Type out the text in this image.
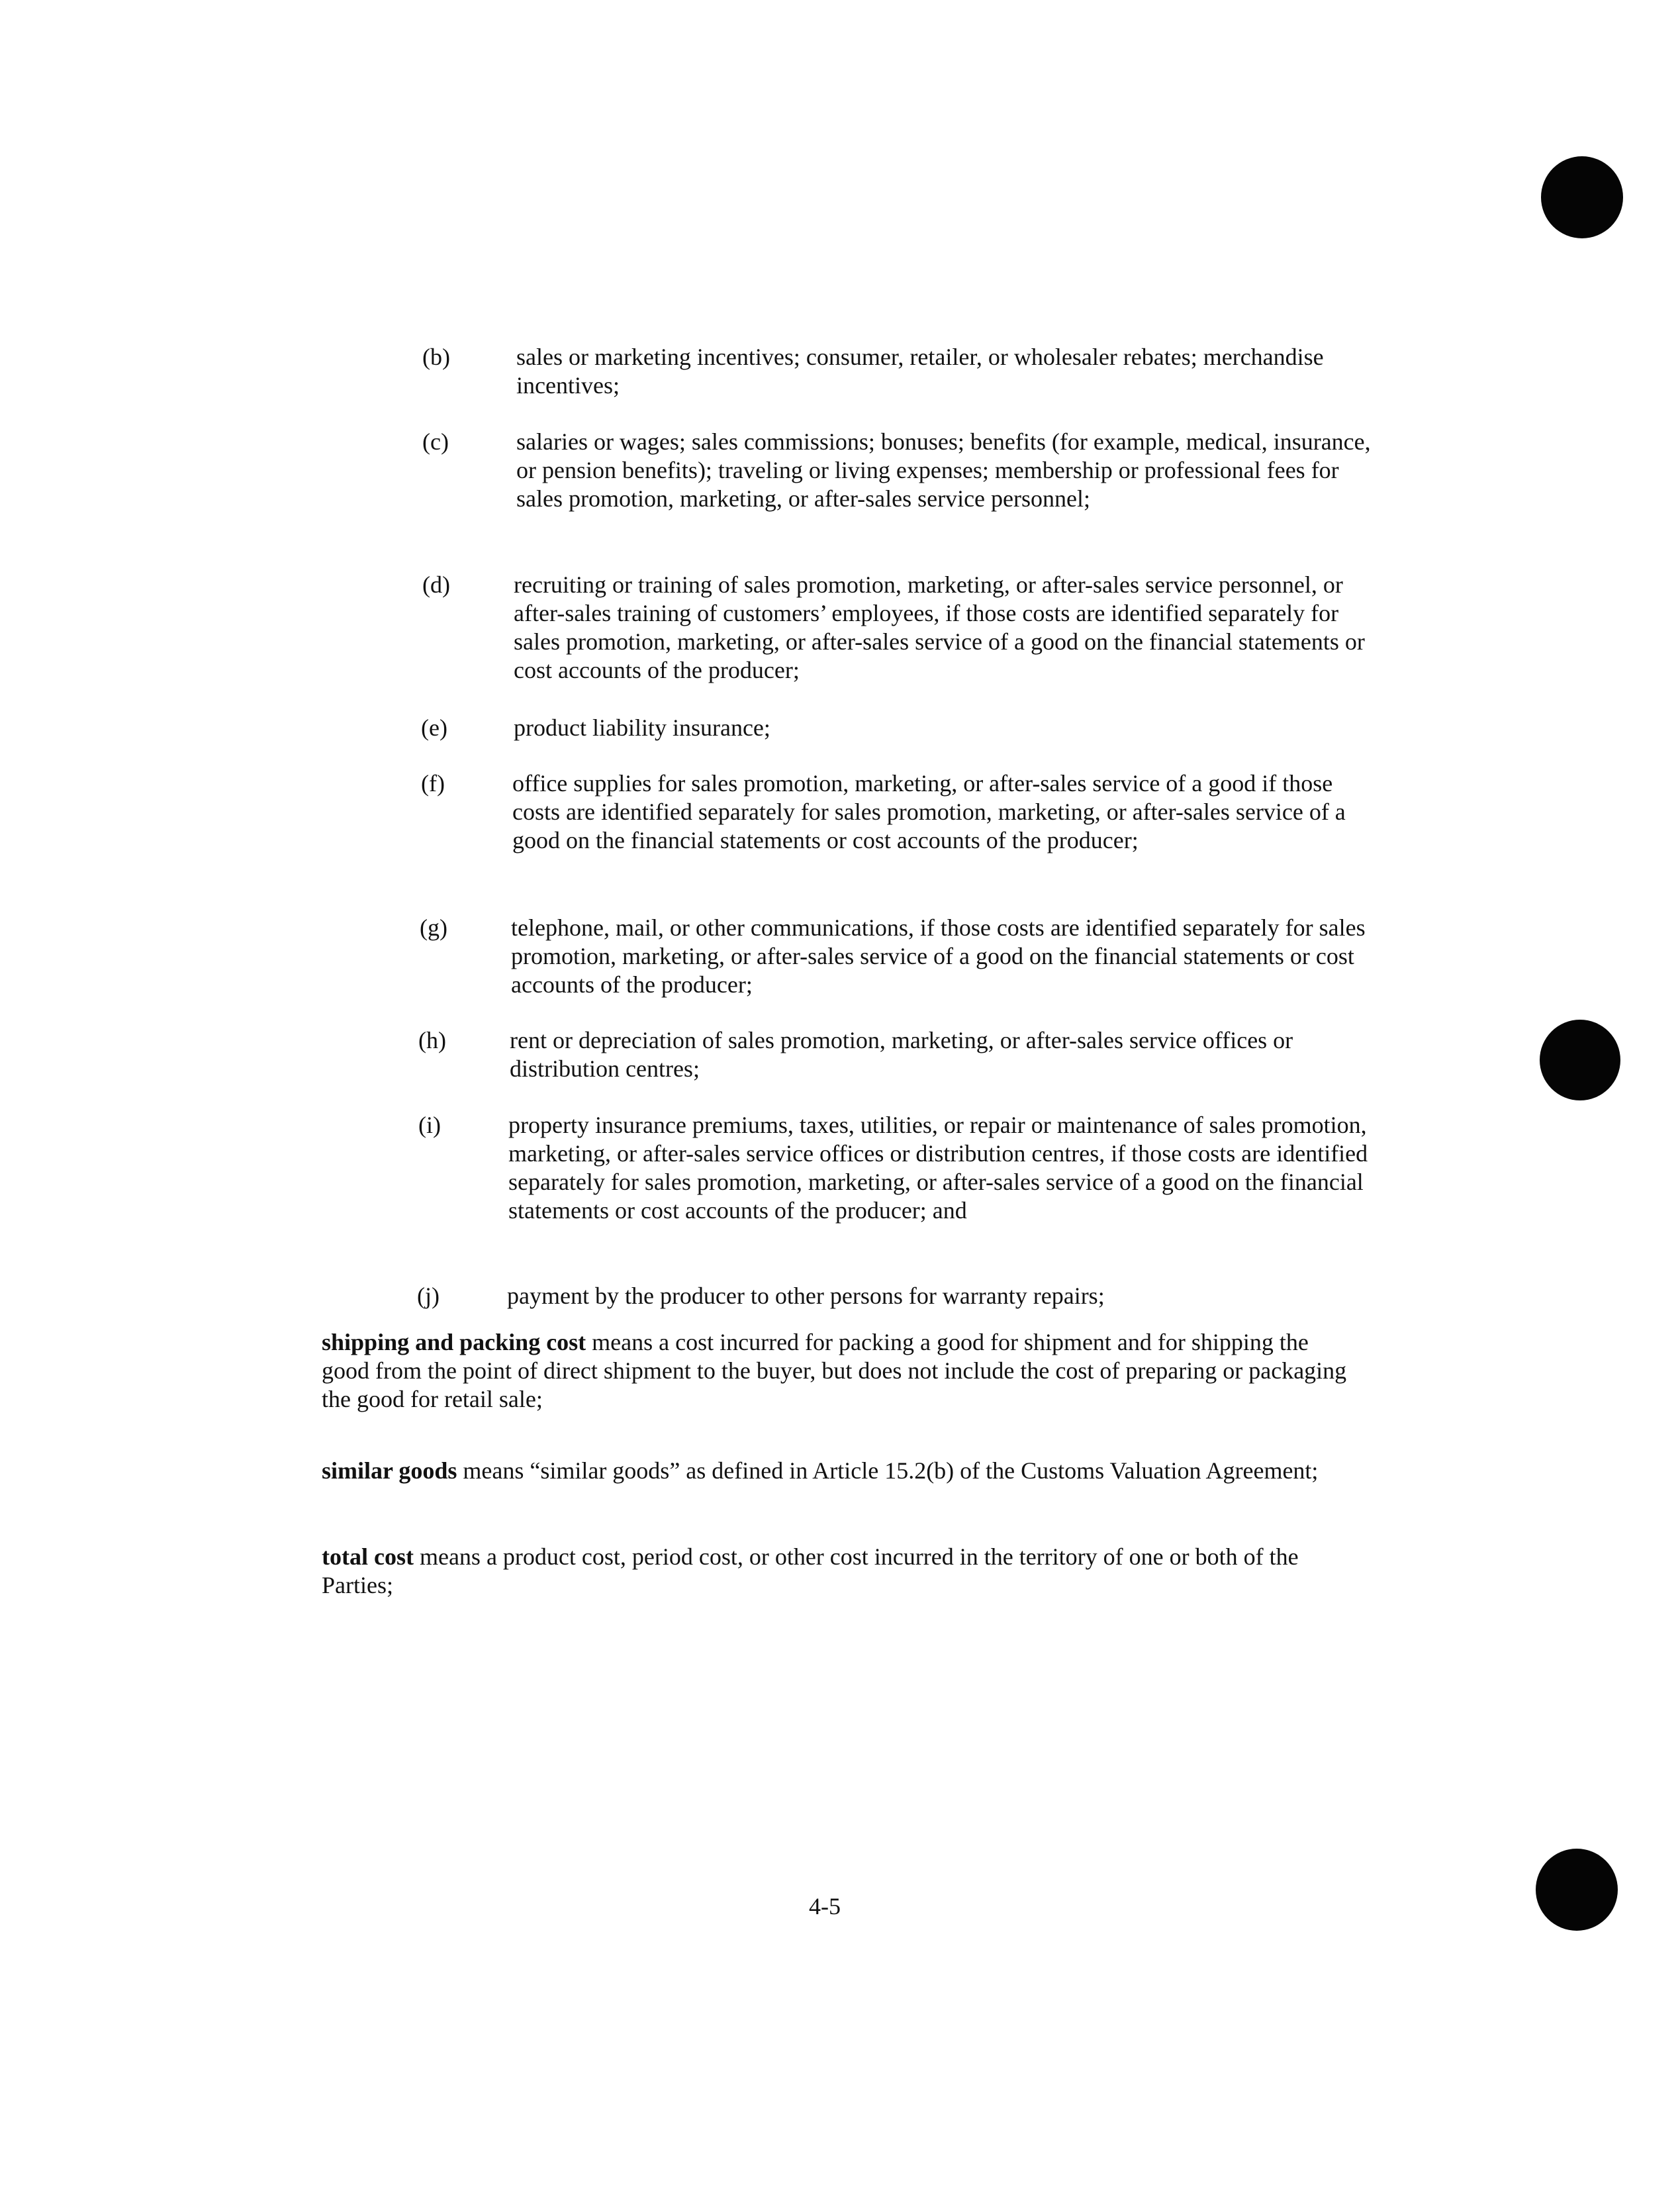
(b)	sales or marketing incentives; consumer, retailer, or wholesaler rebates; merchandise incentives;
(c)	salaries or wages; sales commissions; bonuses; benefits (for example, medical, insurance, or pension benefits); traveling or living expenses; membership or professional fees for sales promotion, marketing, or after-sales service personnel;
(d)	recruiting or training of sales promotion, marketing, or after-sales service personnel, or after-sales training of customers’ employees, if those costs are identified separately for sales promotion, marketing, or after-sales service of a good on the financial statements or cost accounts of the producer;
(e)	product liability insurance;
(f)	office supplies for sales promotion, marketing, or after-sales service of a good if those costs are identified separately for sales promotion, marketing, or after-sales service of a good on the financial statements or cost accounts of the producer;
(g)	telephone, mail, or other communications, if those costs are identified separately for sales promotion, marketing, or after-sales service of a good on the financial statements or cost accounts of the producer;
(h)	rent or depreciation of sales promotion, marketing, or after-sales service offices or distribution centres;
(i)	property insurance premiums, taxes, utilities, or repair or maintenance of sales promotion, marketing, or after-sales service offices or distribution centres, if those costs are identified separately for sales promotion, marketing, or after-sales service of a good on the financial statements or cost accounts of the producer; and
(j)	payment by the producer to other persons for warranty repairs;

shipping and packing cost means a cost incurred for packing a good for shipment and for shipping the good from the point of direct shipment to the buyer, but does not include the cost of preparing or packaging the good for retail sale;

similar goods means “similar goods” as defined in Article 15.2(b) of the Customs Valuation Agreement;

total cost means a product cost, period cost, or other cost incurred in the territory of one or both of the Parties;

4-5
